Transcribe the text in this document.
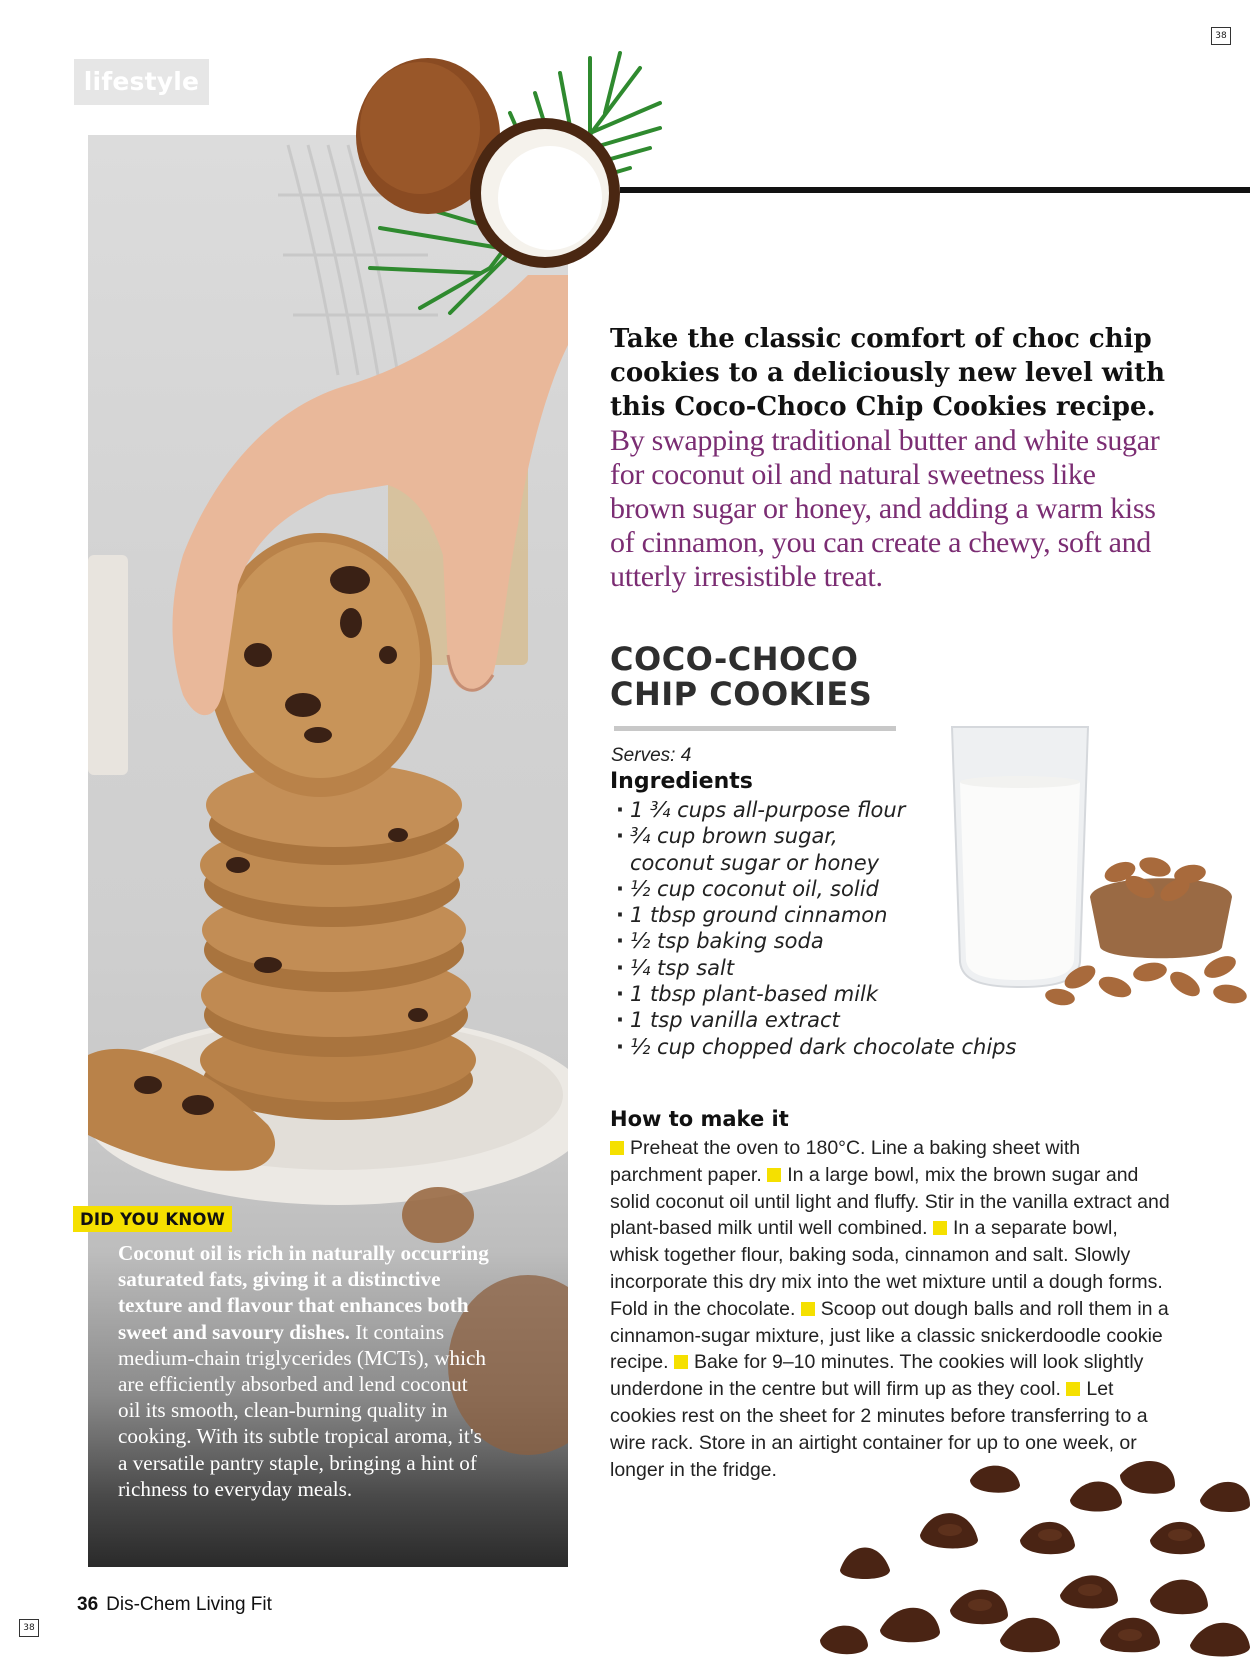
38
lifestyle
Take the classic comfort of choc chip cookies to a deliciously new level with this Coco-Choco Chip Cookies recipe.
By swapping traditional butter and white sugar for coconut oil and natural sweetness like brown sugar or honey, and adding a warm kiss of cinnamon, you can create a chewy, soft and utterly irresistible treat.
COCO-CHOCO
CHIP COOKIES
Serves: 4
Ingredients
· 1 ¾ cups all-purpose flour
· ¾ cup brown sugar,
coconut sugar or honey
· ½ cup coconut oil, solid
· 1 tbsp ground cinnamon
· ½ tsp baking soda
· ¼ tsp salt
· 1 tbsp plant-based milk
· 1 tsp vanilla extract
· ½ cup chopped dark chocolate chips
How to make it
Preheat the oven to 180°C. Line a baking sheet with parchment paper. In a large bowl, mix the brown sugar and solid coconut oil until light and fluffy. Stir in the vanilla extract and plant-based milk until well combined. In a separate bowl, whisk together flour, baking soda, cinnamon and salt. Slowly incorporate this dry mix into the wet mixture until a dough forms. Fold in the chocolate. Scoop out dough balls and roll them in a cinnamon-sugar mixture, just like a classic snickerdoodle cookie recipe. Bake for 9–10 minutes. The cookies will look slightly underdone in the centre but will firm up as they cool. Let cookies rest on the sheet for 2 minutes before transferring to a wire rack. Store in an airtight container for up to one week, or longer in the fridge.
DID YOU KNOW
Coconut oil is rich in naturally occurring saturated fats, giving it a distinctive texture and flavour that enhances both sweet and savoury dishes. It contains medium-chain triglycerides (MCTs), which are efficiently absorbed and lend coconut oil its smooth, clean-burning quality in cooking. With its subtle tropical aroma, it's a versatile pantry staple, bringing a hint of richness to everyday meals.
36 Dis-Chem Living Fit
38
